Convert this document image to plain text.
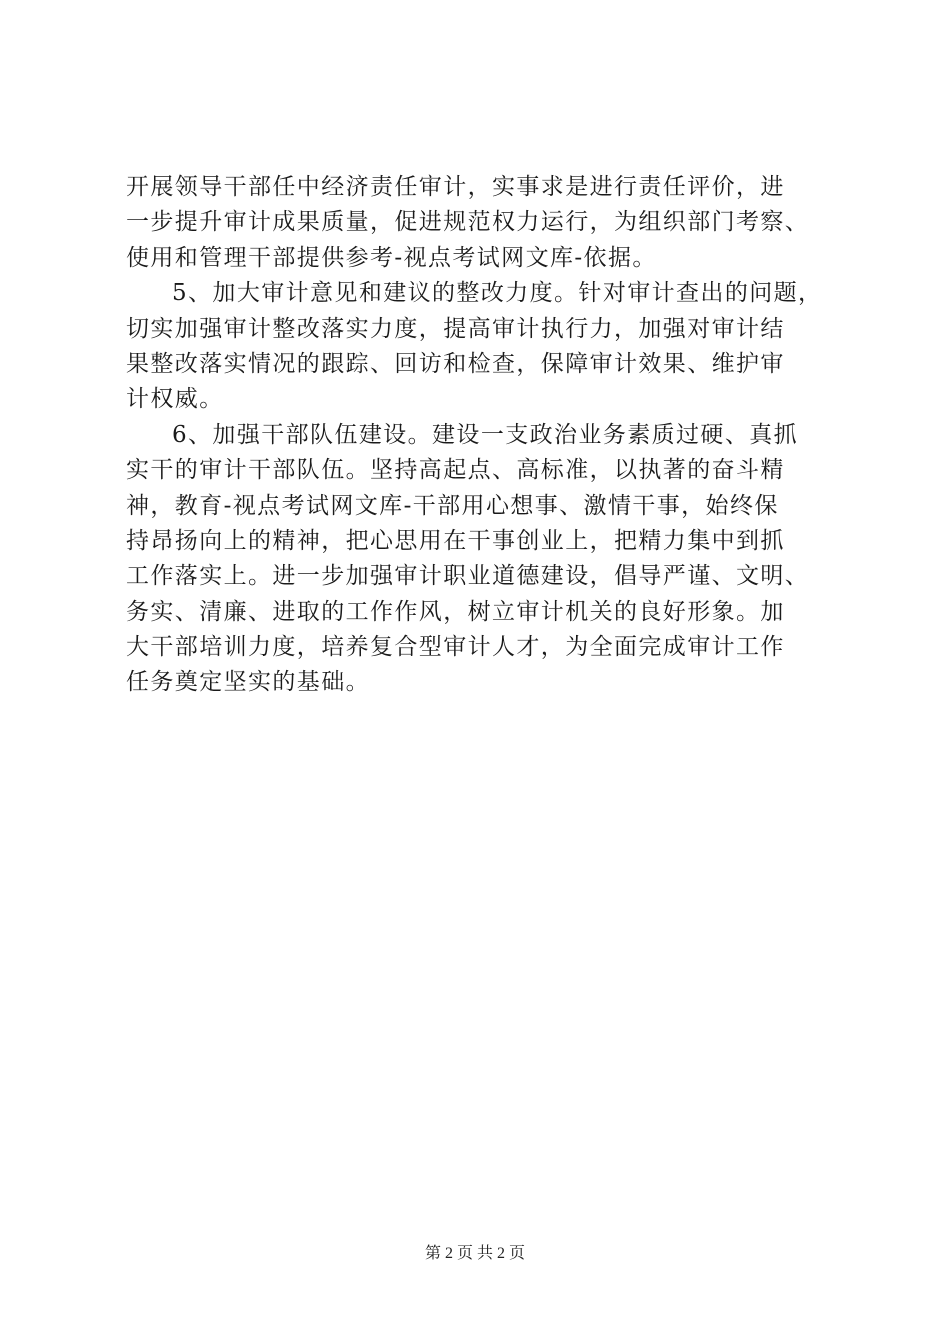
开展领导干部任中经济责任审计，实事求是进行责任评价，进
一步提升审计成果质量，促进规范权力运行，为组织部门考察、
使用和管理干部提供参考-视点考试网文库-依据。
5、加大审计意见和建议的整改力度。针对审计查出的问题，
切实加强审计整改落实力度，提高审计执行力，加强对审计结
果整改落实情况的跟踪、回访和检查，保障审计效果、维护审
计权威。
6、加强干部队伍建设。建设一支政治业务素质过硬、真抓
实干的审计干部队伍。坚持高起点、高标准，以执著的奋斗精
神，教育-视点考试网文库-干部用心想事、激情干事，始终保
持昂扬向上的精神，把心思用在干事创业上，把精力集中到抓
工作落实上。进一步加强审计职业道德建设，倡导严谨、文明、
务实、清廉、进取的工作作风，树立审计机关的良好形象。加
大干部培训力度，培养复合型审计人才，为全面完成审计工作
任务奠定坚实的基础。
第 2 页 共 2 页
